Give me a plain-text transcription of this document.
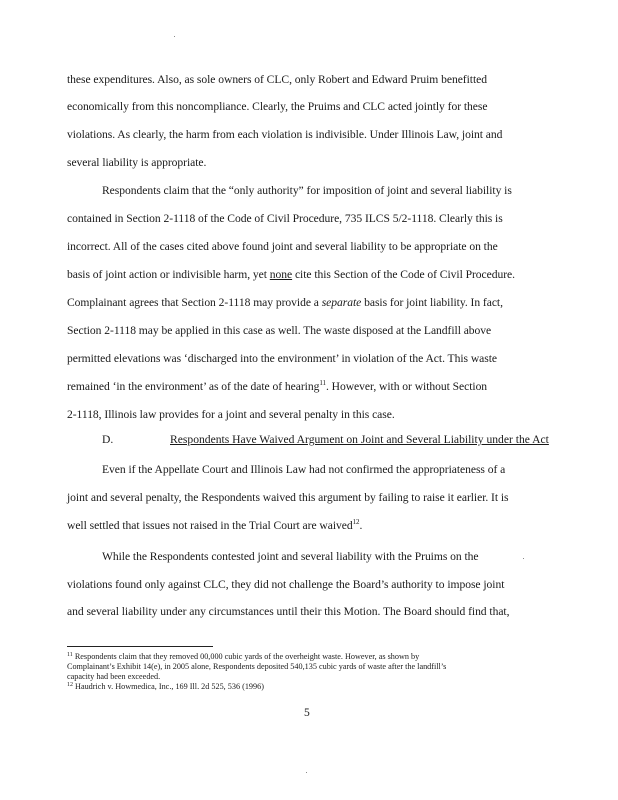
these expenditures. Also, as sole owners of CLC, only Robert and Edward Pruim benefitted
economically from this noncompliance. Clearly, the Pruims and CLC acted jointly for these
violations. As clearly, the harm from each violation is indivisible. Under Illinois Law, joint and
several liability is appropriate.
Respondents claim that the “only authority” for imposition of joint and several liability is
contained in Section 2-1118 of the Code of Civil Procedure, 735 ILCS 5/2-1118. Clearly this is
incorrect. All of the cases cited above found joint and several liability to be appropriate on the
basis of joint action or indivisible harm, yet none cite this Section of the Code of Civil Procedure.
Complainant agrees that Section 2-1118 may provide a separate basis for joint liability. In fact,
Section 2-1118 may be applied in this case as well. The waste disposed at the Landfill above
permitted elevations was ‘discharged into the environment’ in violation of the Act. This waste
remained ‘in the environment’ as of the date of hearing$^{11}$. However, with or without Section
2-1118, Illinois law provides for a joint and several penalty in this case.
D.	Respondents Have Waived Argument on Joint and Several Liability under the Act
Even if the Appellate Court and Illinois Law had not confirmed the appropriateness of a
joint and several penalty, the Respondents waived this argument by failing to raise it earlier. It is
well settled that issues not raised in the Trial Court are waived$^{12}$.
While the Respondents contested joint and several liability with the Pruims on the
violations found only against CLC, they did not challenge the Board’s authority to impose joint
and several liability under any circumstances until their this Motion. The Board should find that,
$^{11}$ Respondents claim that they removed 00,000 cubic yards of the overheight waste. However, as shown by
Complainant’s Exhibit 14(e), in 2005 alone, Respondents deposited 540,135 cubic yards of waste after the landfill’s
capacity had been exceeded.
$^{12}$ Haudrich v. Howmedica, Inc., 169 Ill. 2d 525, 536 (1996)
5
